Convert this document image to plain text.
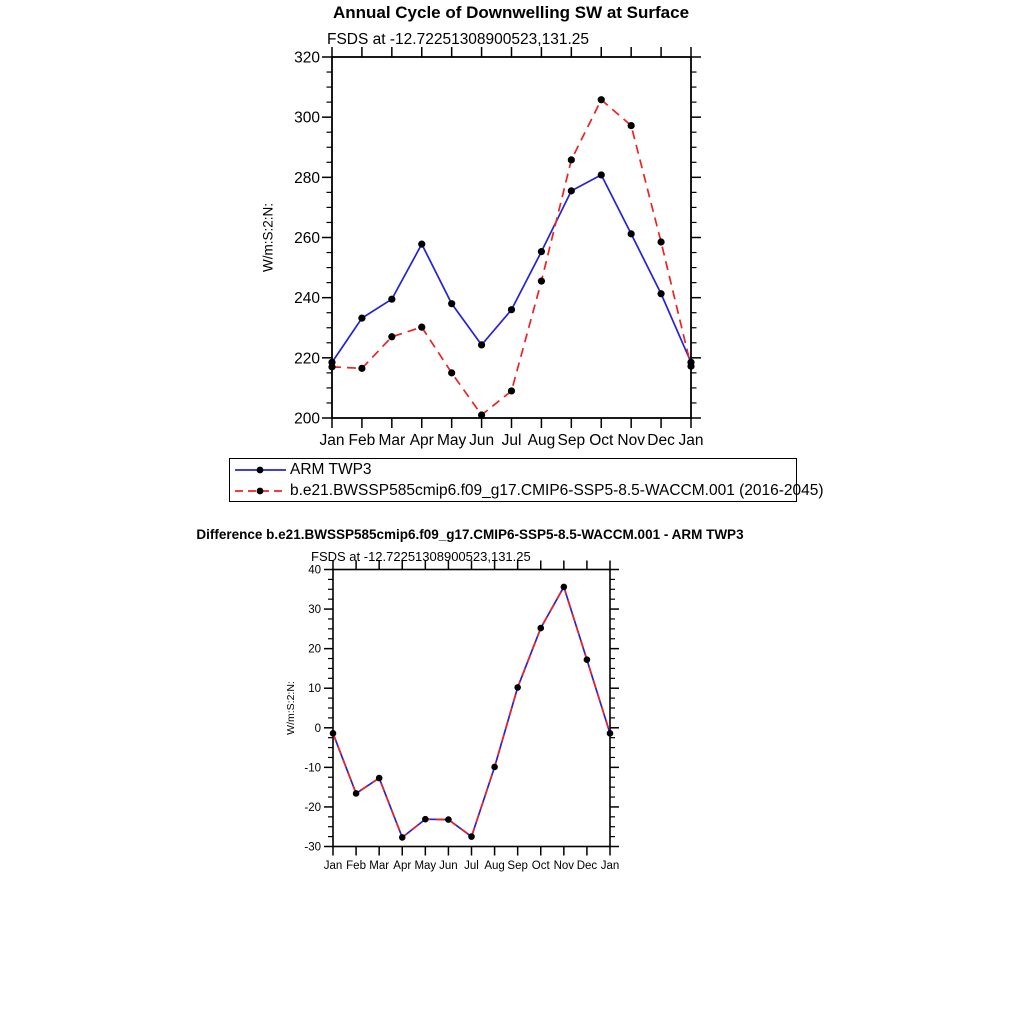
Annual Cycle of Downwelling SW at Surface
FSDS at -12.72251308900523,131.25
W/m:S:2:N:
320
300
280
260
240
220
200
Jan Feb Mar Apr May Jun Jul Aug Sep Oct Nov Dec Jan
40
30
20
10
0
-10
-20
-30
Jan Feb Mar Apr May Jun Jul Aug Sep Oct Nov Dec Jan
ARM TWP3
b.e21.BWSSP585cmip6.f09_g17.CMIP6-SSP5-8.5-WACCM.001 (2016-2045)
Difference b.e21.BWSSP585cmip6.f09_g17.CMIP6-SSP5-8.5-WACCM.001 - ARM TWP3
FSDS at -12.72251308900523,131.25
W/m:S:2:N:
